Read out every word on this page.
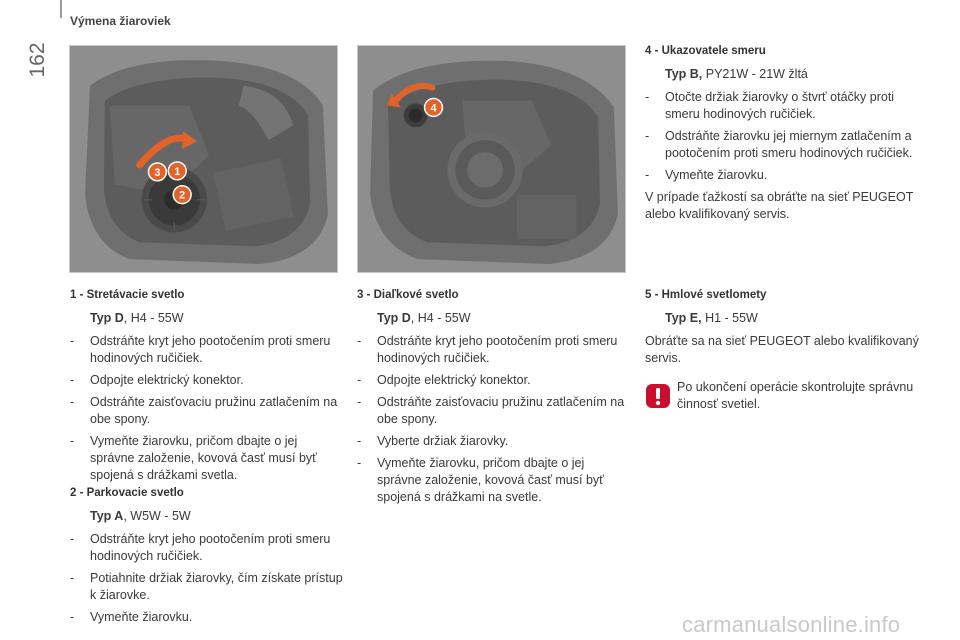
162
Výmena žiaroviek
3 1
2
4
1 - Stretávacie svetlo
Typ D, H4 - 55W
- Odstráňte kryt jeho pootočením proti smeru hodinových ručičiek.
- Odpojte elektrický konektor.
- Odstráňte zaisťovaciu pružinu zatlačením na obe spony.
- Vymeňte žiarovku, pričom dbajte o jej správne založenie, kovová časť musí byť spojená s drážkami svetla.
2 - Parkovacie svetlo
Typ A, W5W - 5W
- Odstráňte kryt jeho pootočením proti smeru hodinových ručičiek.
- Potiahnite držiak žiarovky, čím získate prístup k žiarovke.
- Vymeňte žiarovku.
3 - Diaľkové svetlo
Typ D, H4 - 55W
- Odstráňte kryt jeho pootočením proti smeru hodinových ručičiek.
- Odpojte elektrický konektor.
- Odstráňte zaisťovaciu pružinu zatlačením na obe spony.
- Vyberte držiak žiarovky.
- Vymeňte žiarovku, pričom dbajte o jej správne založenie, kovová časť musí byť spojená s drážkami na svetle.
4 - Ukazovatele smeru
Typ B, PY21W - 21W žltá
- Otočte držiak žiarovky o štvrť otáčky proti smeru hodinových ručičiek.
- Odstráňte žiarovku jej miernym zatlačením a pootočením proti smeru hodinových ručičiek.
- Vymeňte žiarovku.
V prípade ťažkostí sa obráťte na sieť PEUGEOT alebo kvalifikovaný servis.
5 - Hmlové svetlomety
Typ E, H1 - 55W
Obráťte sa na sieť PEUGEOT alebo kvalifikovaný servis.
Po ukončení operácie skontrolujte správnu činnosť svetiel.
carmanualsonline.info
